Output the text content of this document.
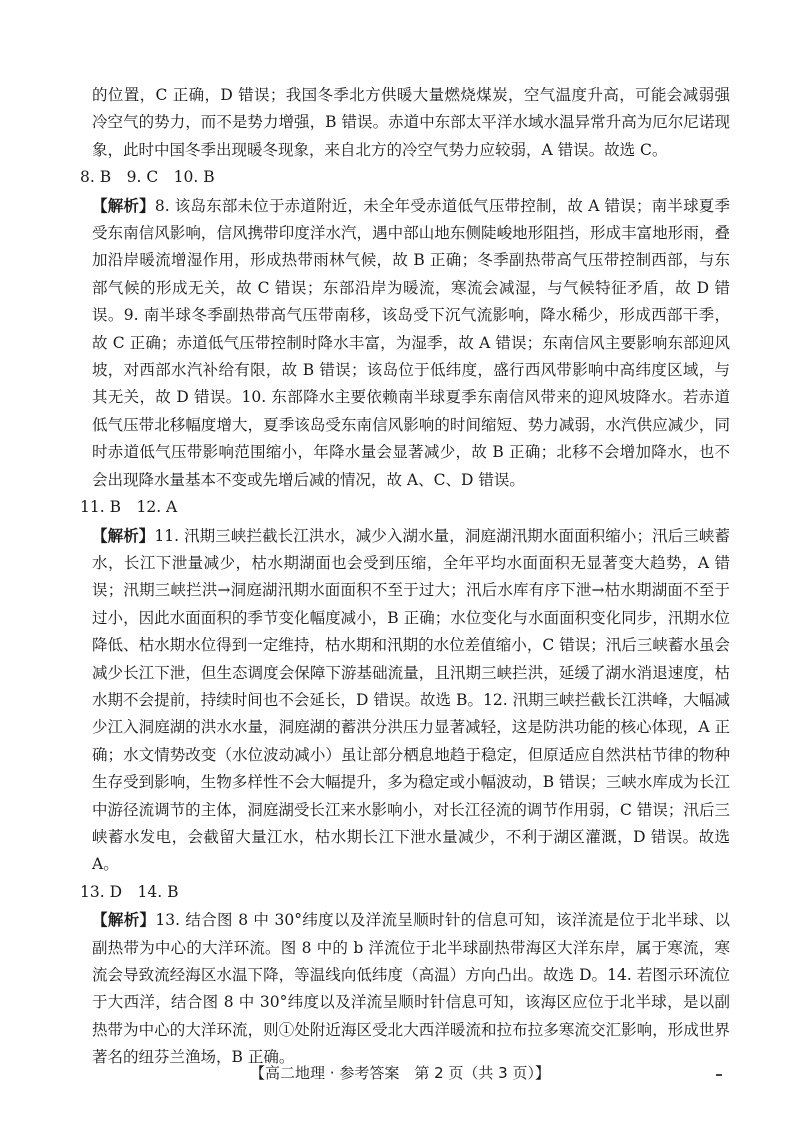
的位置，C 正确，D 错误；我国冬季北方供暖大量燃烧煤炭，空气温度升高，可能会减弱强冷空气的势力，而不是势力增强，B 错误。赤道中东部太平洋水域水温异常升高为厄尔尼诺现象，此时中国冬季出现暖冬现象，来自北方的冷空气势力应较弱，A 错误。故选 C。

8. B　9. C　10. B

【解析】8. 该岛东部未位于赤道附近，未全年受赤道低气压带控制，故 A 错误；南半球夏季受东南信风影响，信风携带印度洋水汽，遇中部山地东侧陡峻地形阻挡，形成丰富地形雨，叠加沿岸暖流增湿作用，形成热带雨林气候，故 B 正确；冬季副热带高气压带控制西部，与东部气候的形成无关，故 C 错误；东部沿岸为暖流，寒流会减湿，与气候特征矛盾，故 D 错误。9. 南半球冬季副热带高气压带南移，该岛受下沉气流影响，降水稀少，形成西部干季，故 C 正确；赤道低气压带控制时降水丰富，为湿季，故 A 错误；东南信风主要影响东部迎风坡，对西部水汽补给有限，故 B 错误；该岛位于低纬度，盛行西风带影响中高纬度区域，与其无关，故 D 错误。10. 东部降水主要依赖南半球夏季东南信风带来的迎风坡降水。若赤道低气压带北移幅度增大，夏季该岛受东南信风影响的时间缩短、势力减弱，水汽供应减少，同时赤道低气压带影响范围缩小，年降水量会显著减少，故 B 正确；北移不会增加降水，也不会出现降水量基本不变或先增后减的情况，故 A、C、D 错误。

11. B　12. A

【解析】11. 汛期三峡拦截长江洪水，减少入湖水量，洞庭湖汛期水面面积缩小；汛后三峡蓄水，长江下泄量减少，枯水期湖面也会受到压缩，全年平均水面面积无显著变大趋势，A 错误；汛期三峡拦洪→洞庭湖汛期水面面积不至于过大；汛后水库有序下泄→枯水期湖面不至于过小，因此水面面积的季节变化幅度减小，B 正确；水位变化与水面面积变化同步，汛期水位降低、枯水期水位得到一定维持，枯水期和汛期的水位差值缩小，C 错误；汛后三峡蓄水虽会减少长江下泄，但生态调度会保障下游基础流量，且汛期三峡拦洪，延缓了湖水消退速度，枯水期不会提前，持续时间也不会延长，D 错误。故选 B。12. 汛期三峡拦截长江洪峰，大幅减少江入洞庭湖的洪水水量，洞庭湖的蓄洪分洪压力显著减轻，这是防洪功能的核心体现，A 正确；水文情势改变（水位波动减小）虽让部分栖息地趋于稳定，但原适应自然洪枯节律的物种生存受到影响，生物多样性不会大幅提升，多为稳定或小幅波动，B 错误；三峡水库成为长江中游径流调节的主体，洞庭湖受长江来水影响小，对长江径流的调节作用弱，C 错误；汛后三峡蓄水发电，会截留大量江水，枯水期长江下泄水量减少，不利于湖区灌溉，D 错误。故选 A。

13. D　14. B

【解析】13. 结合图 8 中 30°纬度以及洋流呈顺时针的信息可知，该洋流是位于北半球、以副热带为中心的大洋环流。图 8 中的 b 洋流位于北半球副热带海区大洋东岸，属于寒流，寒流会导致流经海区水温下降，等温线向低纬度（高温）方向凸出。故选 D。14. 若图示环流位于大西洋，结合图 8 中 30°纬度以及洋流呈顺时针信息可知，该海区应位于北半球，是以副热带为中心的大洋环流，则①处附近海区受北大西洋暖流和拉布拉多寒流交汇影响，形成世界著名的纽芬兰渔场，B 正确。

【高二地理 · 参考答案　第 2 页（共 3 页）】
